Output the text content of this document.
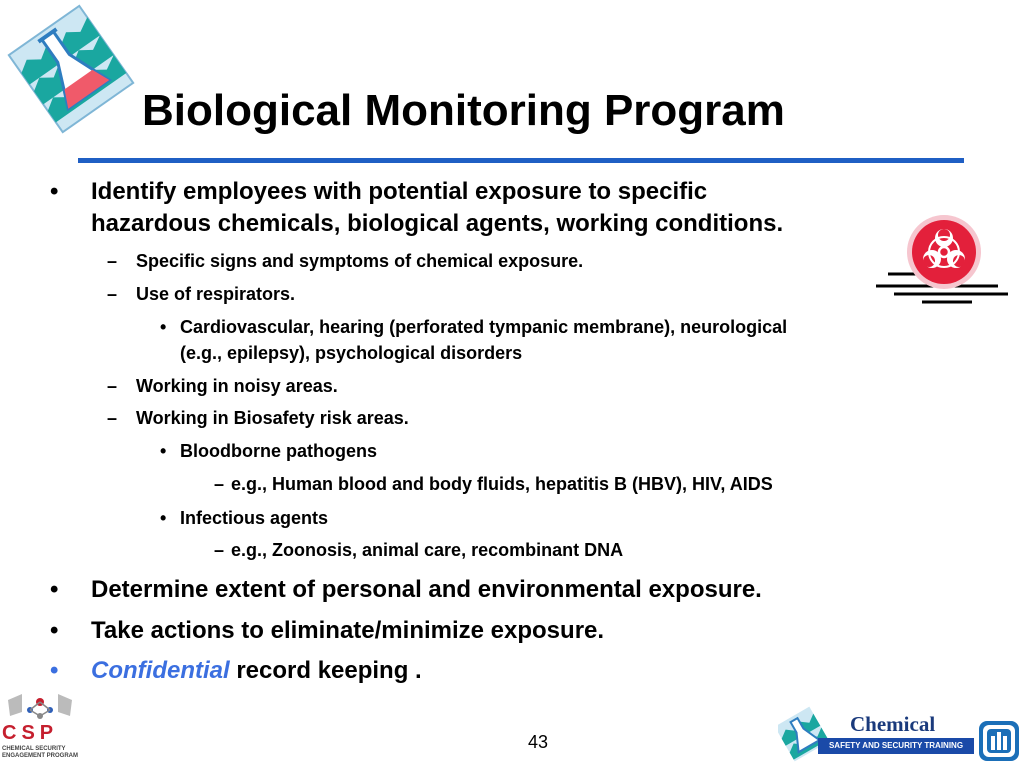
Biological Monitoring Program
• Identify employees with potential exposure to specific
hazardous chemicals, biological agents, working conditions.
– Specific signs and symptoms of chemical exposure.
– Use of respirators.
• Cardiovascular, hearing (perforated tympanic membrane), neurological
(e.g., epilepsy), psychological disorders
– Working in noisy areas.
– Working in Biosafety risk areas.
• Bloodborne pathogens
– e.g., Human blood and body fluids, hepatitis B (HBV), HIV, AIDS
• Infectious agents
– e.g., Zoonosis, animal care, recombinant DNA
• Determine extent of personal and environmental exposure.
• Take actions to eliminate/minimize exposure.
• Confidential record keeping .
43
CSP
CHEMICAL SECURITY ENGAGEMENT PROGRAM
Chemical
SAFETY AND SECURITY TRAINING
